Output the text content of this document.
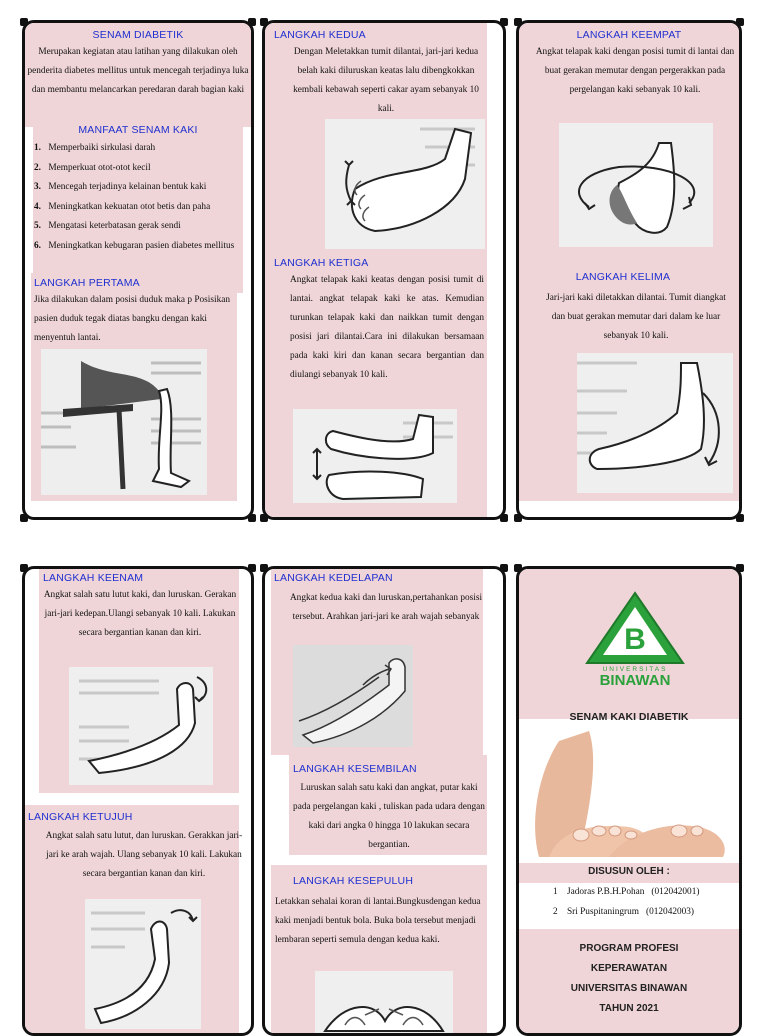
SENAM DIABETIK
Merupakan kegiatan atau latihan yang dilakukan oleh penderita diabetes mellitus untuk mencegah terjadinya luka dan membantu melancarkan peredaran darah bagian kaki
MANFAAT SENAM KAKI
1. Memperbaiki sirkulasi darah
2. Memperkuat otot-otot kecil
3. Mencegah terjadinya kelainan bentuk kaki
4. Meningkatkan kekuatan otot betis dan paha
5. Mengatasi keterbatasan gerak sendi
6. Meningkatkan kebugaran pasien diabetes mellitus
LANGKAH PERTAMA
Jika dilakukan dalam posisi duduk maka p Posisikan pasien duduk tegak diatas bangku dengan kaki menyentuh lantai.
LANGKAH KEDUA
Dengan Meletakkan tumit dilantai, jari-jari kedua belah kaki diluruskan keatas lalu dibengkokkan kembali kebawah seperti cakar ayam sebanyak 10 kali.
LANGKAH KETIGA
Angkat telapak kaki keatas dengan posisi tumit di lantai. angkat telapak kaki ke atas. Kemudian turunkan telapak kaki dan naikkan tumit dengan posisi jari dilantai.Cara ini dilakukan bersamaan pada kaki kiri dan kanan secara bergantian dan diulangi sebanyak 10 kali.
LANGKAH KEEMPAT
Angkat telapak kaki dengan posisi tumit di lantai dan buat gerakan memutar dengan pergerakkan pada pergelangan kaki sebanyak 10 kali.
LANGKAH KELIMA
Jari-jari kaki diletakkan dilantai. Tumit diangkat dan buat gerakan memutar dari dalam ke luar sebanyak 10 kali.
LANGKAH KEENAM
Angkat salah satu lutut kaki, dan luruskan. Gerakan jari-jari kedepan.Ulangi sebanyak 10 kali. Lakukan secara bergantian kanan dan kiri.
LANGKAH KETUJUH
Angkat salah satu lutut, dan luruskan. Gerakkan jari-jari ke arah wajah. Ulang sebanyak 10 kali. Lakukan secara bergantian kanan dan kiri.
LANGKAH KEDELAPAN
Angkat kedua kaki dan luruskan,pertahankan posisi tersebut. Arahkan jari-jari ke arah wajah sebanyak
LANGKAH KESEMBILAN
Luruskan salah satu kaki dan angkat, putar kaki pada pergelangan kaki , tuliskan pada udara dengan kaki dari angka 0 hingga 10 lakukan secara bergantian.
LANGKAH KESEPULUH
Letakkan sehalai koran di lantai.Bungkusdengan kedua kaki menjadi bentuk bola. Buka bola tersebut menjadi lembaran seperti semula dengan kedua kaki.
B
UNIVERSITAS
BINAWAN
SENAM KAKI DIABETIK
DISUSUN OLEH :
1 Jadoras P.B.H.Pohan (012042001)
2 Sri Puspitaningrum (012042003)
PROGRAM PROFESI
KEPERAWATAN
UNIVERSITAS BINAWAN
TAHUN 2021
